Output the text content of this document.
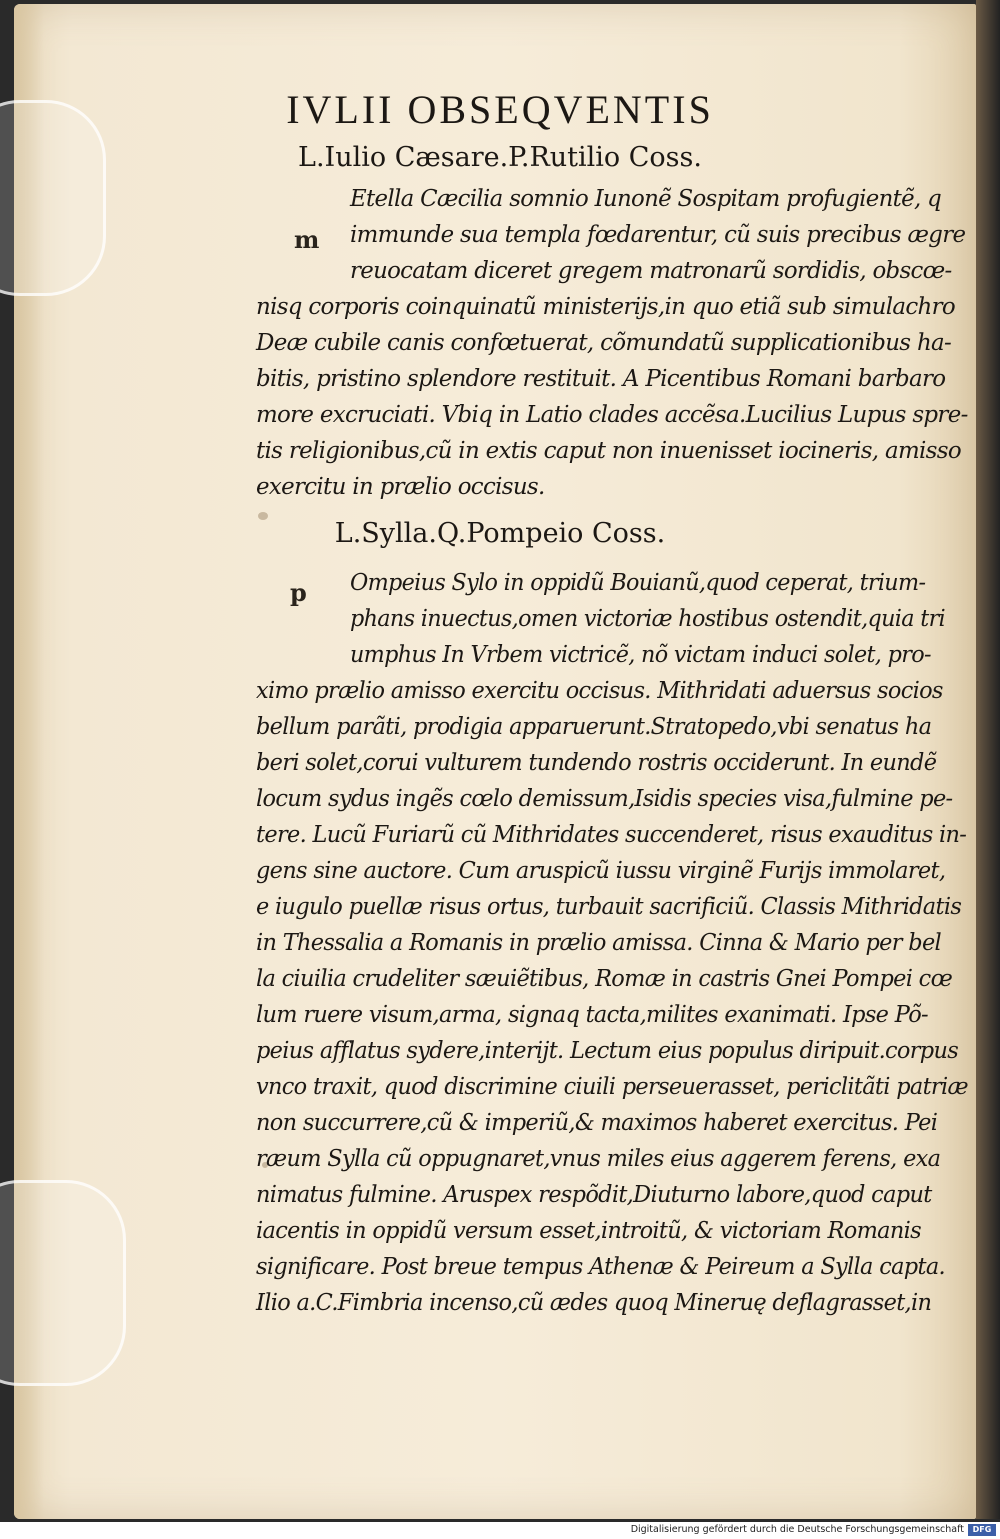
IVLII OBSEQVENTIS
L.Iulio Cæsare.P.Rutilio Coss.
m
Etella Cæcilia somnio Iunonẽ Sospitam profugientẽ, q
immunde sua templa fœdarentur, cũ suis precibus ægre
reuocatam diceret gregem matronarũ sordidis, obscœ-
nisq corporis coinquinatũ ministerijs,in quo etiã sub simulachro
Deæ cubile canis confœtuerat, cõmundatũ supplicationibus ha-
bitis, pristino splendore restituit. A Picentibus Romani barbaro
more excruciati. Vbiq in Latio clades accẽsa.Lucilius Lupus spre-
tis religionibus,cũ in extis caput non inuenisset iocineris, amisso
exercitu in prælio occisus.
L.Sylla.Q.Pompeio Coss.
p	Ompeius Sylo in oppidũ Bouianũ,quod ceperat, trium-
phans inuectus,omen victoriæ hostibus ostendit,quia tri
umphus In Vrbem victricẽ, nõ victam induci solet, pro-
ximo prælio amisso exercitu occisus. Mithridati aduersus socios
bellum parãti, prodigia apparuerunt.Stratopedo,vbi senatus ha
beri solet,corui vulturem tundendo rostris occiderunt. In eundẽ
locum sydus ingẽs cœlo demissum,Isidis species visa,fulmine pe-
tere. Lucũ Furiarũ cũ Mithridates succenderet, risus exauditus in-
gens sine auctore. Cum aruspicũ iussu virginẽ Furijs immolaret,
e iugulo puellæ risus ortus, turbauit sacrificiũ. Classis Mithridatis
in Thessalia a Romanis in prælio amissa. Cinna & Mario per bel
la ciuilia crudeliter sæuiẽtibus, Romæ in castris Gnei Pompei cœ
lum ruere visum,arma, signaq tacta,milites exanimati. Ipse Põ-
peius afflatus sydere,interijt. Lectum eius populus diripuit.corpus
vnco traxit, quod discrimine ciuili perseuerasset, periclitãti patriæ
non succurrere,cũ & imperiũ,& maximos haberet exercitus. Pei
ræum Sylla cũ oppugnaret,vnus miles eius aggerem ferens, exa
nimatus fulmine. Aruspex respõdit,Diuturno labore,quod caput
iacentis in oppidũ versum esset,introitũ, & victoriam Romanis
significare. Post breue tempus Athenæ & Peireum a Sylla capta.
Ilio a.C.Fimbria incenso,cũ ædes quoq Mineruę deflagrasset,in
Digitalisierung gefördert durch die Deutsche Forschungsgemeinschaft	DFG
